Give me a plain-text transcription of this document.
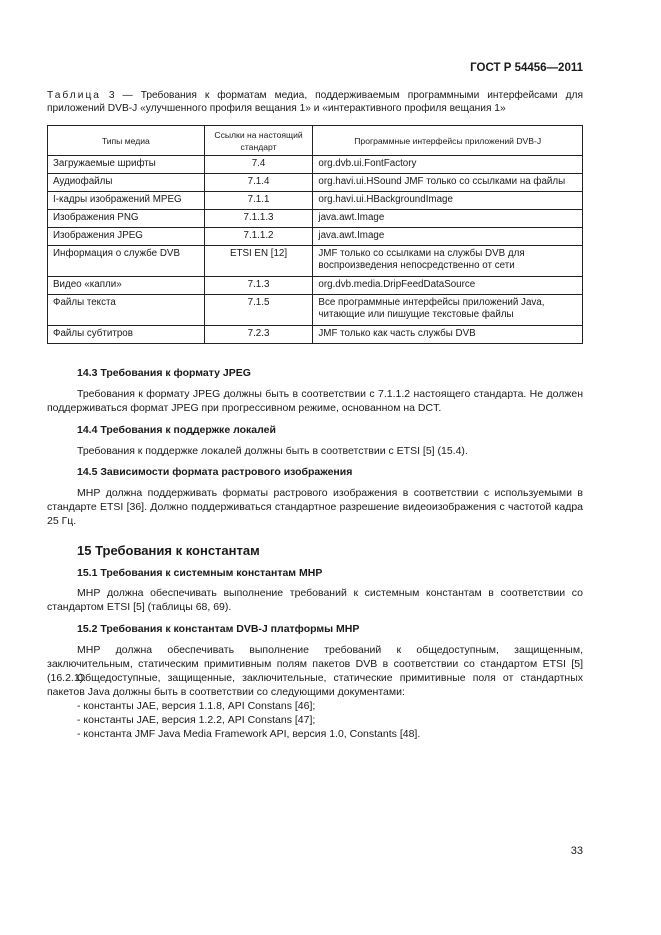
ГОСТ Р 54456—2011
Таблица 3 — Требования к форматам медиа, поддерживаемым программными интерфейсами для приложений DVB-J «улучшенного профиля вещания 1» и «интерактивного профиля вещания 1»
Типы медиа	Ссылки на настоящий стандарт	Программные интерфейсы приложений DVB-J
Загружаемые шрифты	7.4	org.dvb.ui.FontFactory
Аудиофайлы	7.1.4	org.havi.ui.HSound JMF только со ссылками на файлы
I-кадры изображений MPEG	7.1.1	org.havi.ui.HBackgroundImage
Изображения PNG	7.1.1.3	java.awt.Image
Изображения JPEG	7.1.1.2	java.awt.Image
Информация о службе DVB	ETSI EN [12]	JMF только со ссылками на службы DVB для воспроизведения непосредственно от сети
Видео «капли»	7.1.3	org.dvb.media.DripFeedDataSource
Файлы текста	7.1.5	Все программные интерфейсы приложений Java, читающие или пишущие текстовые файлы
Файлы субтитров	7.2.3	JMF только как часть службы DVB
14.3 Требования к формату JPEG
Требования к формату JPEG должны быть в соответствии с 7.1.1.2 настоящего стандарта. Не должен поддерживаться формат JPEG при прогрессивном режиме, основанном на DCT.
14.4 Требования к поддержке локалей
Требования к поддержке локалей должны быть в соответствии с ETSI [5] (15.4).
14.5 Зависимости формата растрового изображения
МНР должна поддерживать форматы растрового изображения в соответствии с используемыми в стандарте ETSI [36]. Должно поддерживаться стандартное разрешение видеоизображения с частотой кадра 25 Гц.
15 Требования к константам
15.1 Требования к системным константам МНР
МНР должна обеспечивать выполнение требований к системным константам в соответствии со стандартом ETSI [5] (таблицы 68, 69).
15.2 Требования к константам DVB-J платформы МНР
МНР должна обеспечивать выполнение требований к общедоступным, защищенным, заключительным, статическим примитивным полям пакетов DVB в соответствии со стандартом ETSI [5] (16.2.1).
Общедоступные, защищенные, заключительные, статические примитивные поля от стандартных пакетов Java должны быть в соответствии со следующими документами:
- константы JAE, версия 1.1.8, API Constans [46];
- константы JAE, версия 1.2.2, API Constans [47];
- константа JMF Java Media Framework API, версия 1.0, Constants [48].
33
